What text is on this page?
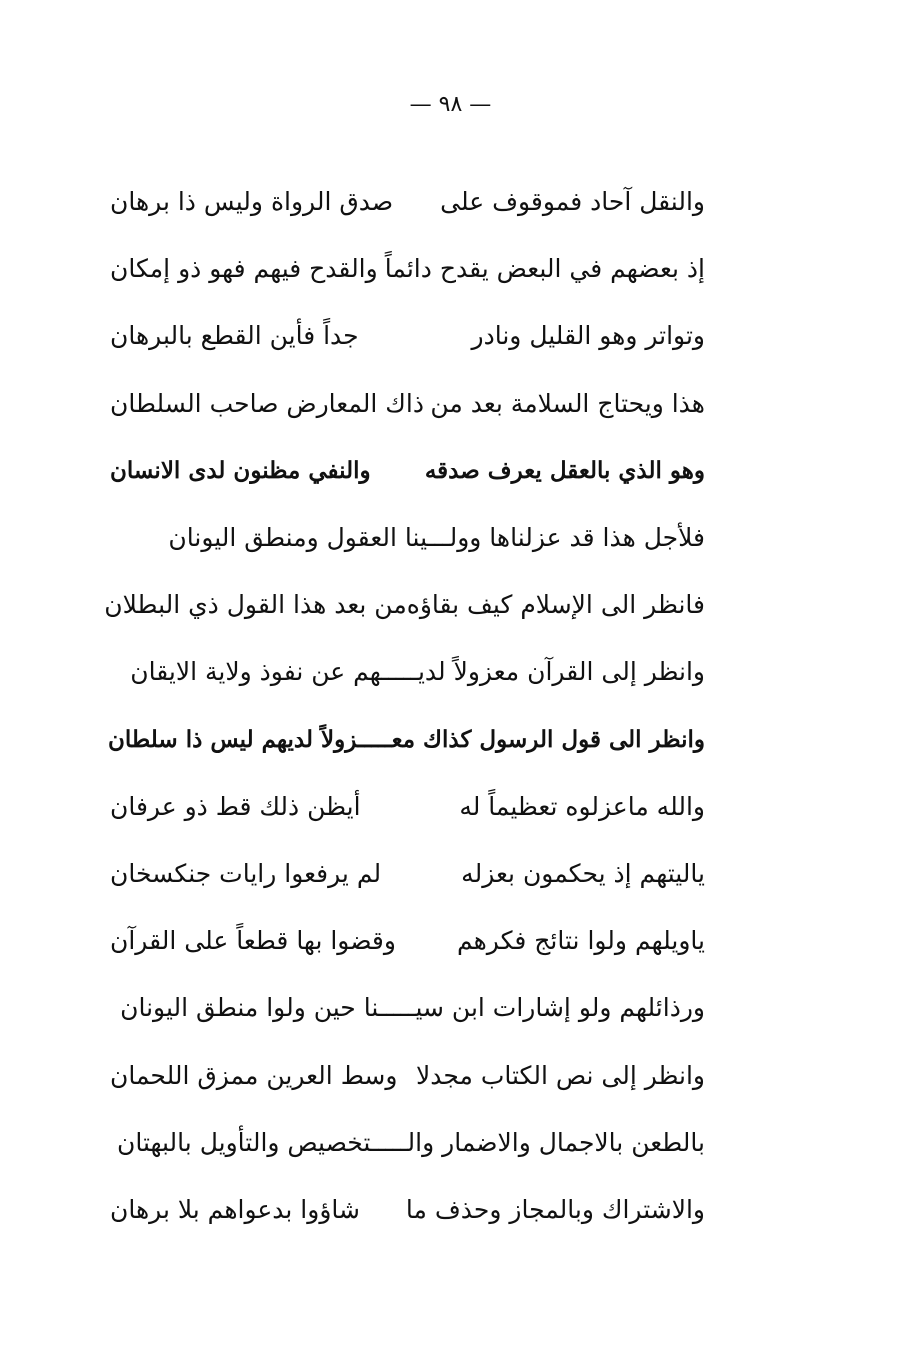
— ٩٨ —
والنقل آحاد فموقوف على
صدق الرواة وليس ذا برهان
إذ بعضهم في البعض يقدح دائماً
والقدح فيهم فهو ذو إمكان
وتواتر وهو القليل ونادر
جداً فأين القطع بالبرهان
هذا ويحتاج السلامة بعد من
ذاك المعارض صاحب السلطان
وهو الذي بالعقل يعرف صدقه
والنفي مظنون لدى الانسان
فلأجل هذا قد عزلناها وولـــينا العقول ومنطق اليونان
فانظر الى الإسلام كيف بقاؤه
من بعد هذا القول ذي البطلان
وانظر إلى القرآن معزولاً لديـــــهم عن نفوذ ولاية الايقان
وانظر الى قول الرسول كذاك معـــــزولاً لديهم ليس ذا سلطان
والله ماعزلوه تعظيماً له
أيظن ذلك قط ذو عرفان
ياليتهم إذ يحكمون بعزله
لم يرفعوا رايات جنكسخان
ياويلهم ولوا نتائج فكرهم
وقضوا بها قطعاً على القرآن
ورذائلهم ولو إشارات ابن سيـــــنا حين ولوا منطق اليونان
وانظر إلى نص الكتاب مجدلا
وسط العرين ممزق اللحمان
بالطعن بالاجمال والاضمار والـــــتخصيص والتأويل بالبهتان
والاشتراك وبالمجاز وحذف ما
شاؤوا بدعواهم بلا برهان
